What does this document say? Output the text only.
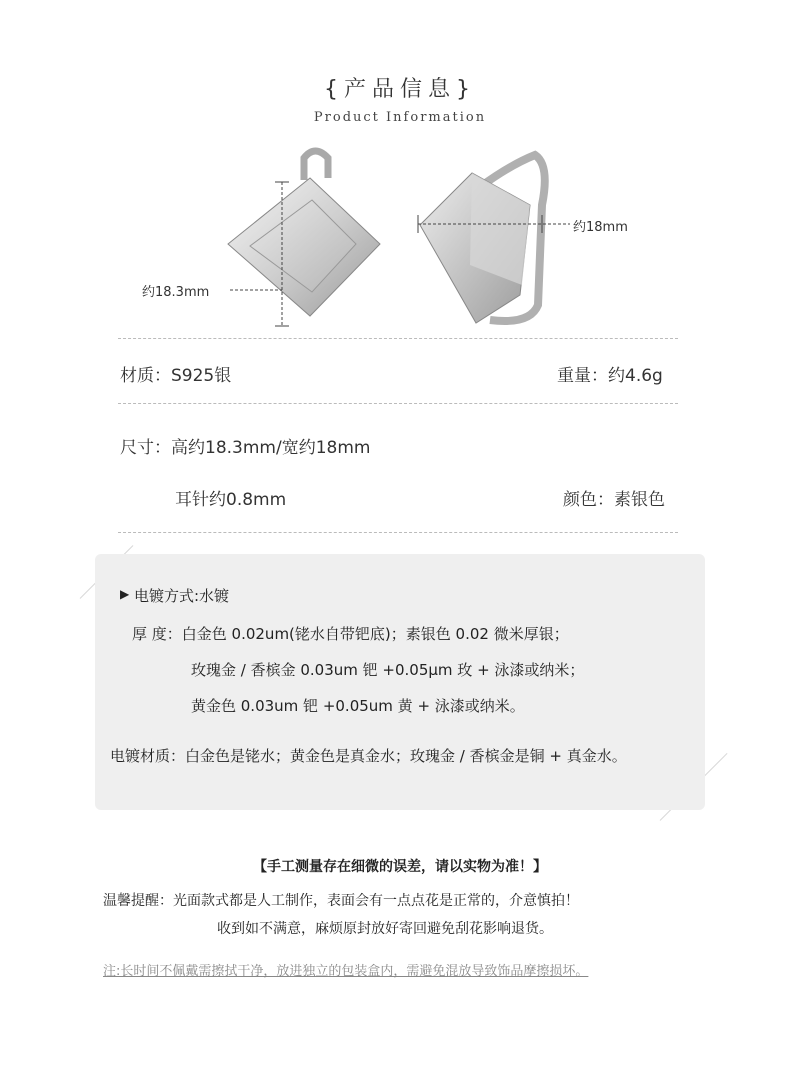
{产品信息}
Product Information
约18.3mm
约18mm
材质：S925银	重量：约4.6g
尺寸：高约18.3mm/宽约18mm
耳针约0.8mm	颜色：素银色
▶ 电镀方式:水镀
厚 度：白金色 0.02um(铑水自带钯底)；素银色 0.02 微米厚银；
玫瑰金 / 香槟金 0.03um 钯 +0.05μm 玫 + 泳漆或纳米；
黄金色 0.03um 钯 +0.05um 黄 + 泳漆或纳米。
电镀材质：白金色是铑水；黄金色是真金水；玫瑰金 / 香槟金是铜 + 真金水。
【手工测量存在细微的误差，请以实物为准！】
温馨提醒：光面款式都是人工制作，表面会有一点点花是正常的，介意慎拍！
收到如不满意，麻烦原封放好寄回避免刮花影响退货。
注:长时间不佩戴需擦拭干净，放进独立的包装盒内，需避免混放导致饰品摩擦损坏。
